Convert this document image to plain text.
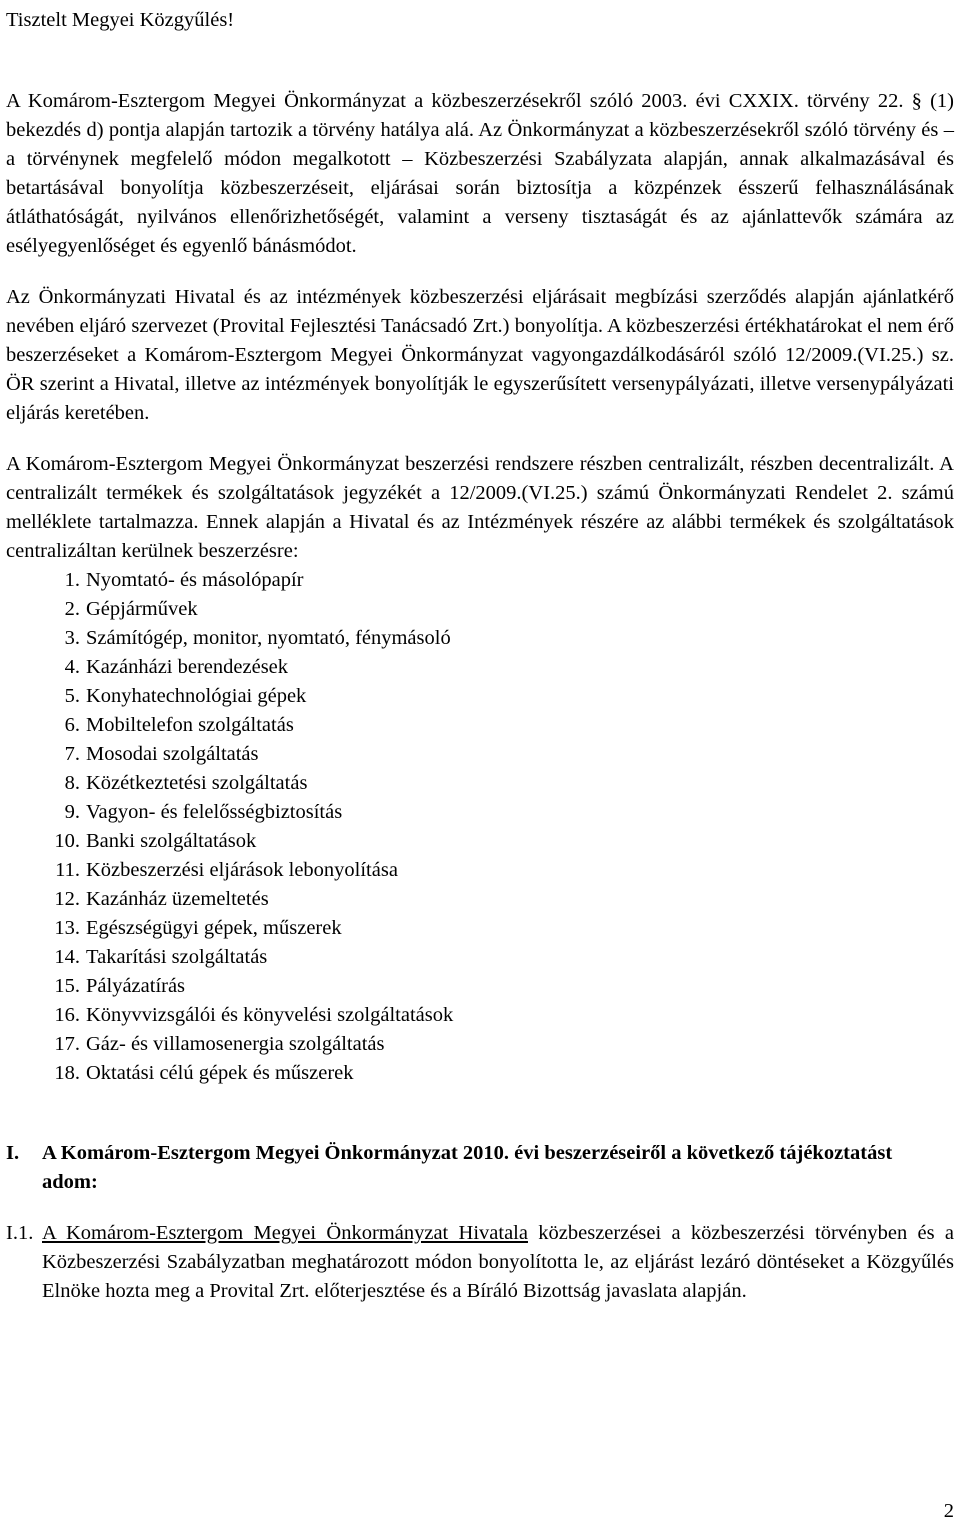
Tisztelt Megyei Közgyűlés!

A Komárom-Esztergom Megyei Önkormányzat a közbeszerzésekről szóló 2003. évi CXXIX. törvény 22. § (1) bekezdés d) pontja alapján tartozik a törvény hatálya alá. Az Önkormányzat a közbeszerzésekről szóló törvény és – a törvénynek megfelelő módon megalkotott – Közbeszerzési Szabályzata alapján, annak alkalmazásával és betartásával bonyolítja közbeszerzéseit, eljárásai során biztosítja a közpénzek ésszerű felhasználásának átláthatóságát, nyilvános ellenőrizhetőségét, valamint a verseny tisztaságát és az ajánlattevők számára az esélyegyenlőséget és egyenlő bánásmódot.

Az Önkormányzati Hivatal és az intézmények közbeszerzési eljárásait megbízási szerződés alapján ajánlatkérő nevében eljáró szervezet (Provital Fejlesztési Tanácsadó Zrt.) bonyolítja. A közbeszerzési értékhatárokat el nem érő beszerzéseket a Komárom-Esztergom Megyei Önkormányzat vagyongazdálkodásáról szóló 12/2009.(VI.25.) sz. ÖR szerint a Hivatal, illetve az intézmények bonyolítják le egyszerűsített versenypályázati, illetve versenypályázati eljárás keretében.

A Komárom-Esztergom Megyei Önkormányzat beszerzési rendszere részben centralizált, részben decentralizált. A centralizált termékek és szolgáltatások jegyzékét a 12/2009.(VI.25.) számú Önkormányzati Rendelet 2. számú melléklete tartalmazza. Ennek alapján a Hivatal és az Intézmények részére az alábbi termékek és szolgáltatások centralizáltan kerülnek beszerzésre:

1. Nyomtató- és másolópapír
2. Gépjárművek
3. Számítógép, monitor, nyomtató, fénymásoló
4. Kazánházi berendezések
5. Konyhatechnológiai gépek
6. Mobiltelefon szolgáltatás
7. Mosodai szolgáltatás
8. Közétkeztetési szolgáltatás
9. Vagyon- és felelősségbiztosítás
10. Banki szolgáltatások
11. Közbeszerzési eljárások lebonyolítása
12. Kazánház üzemeltetés
13. Egészségügyi gépek, műszerek
14. Takarítási szolgáltatás
15. Pályázatírás
16. Könyvvizsgálói és könyvelési szolgáltatások
17. Gáz- és villamosenergia szolgáltatás
18. Oktatási célú gépek és műszerek
I.	A Komárom-Esztergom Megyei Önkormányzat 2010. évi beszerzéseiről a következő tájékoztatást adom:
I.1. A Komárom-Esztergom Megyei Önkormányzat Hivatala közbeszerzései a közbeszerzési törvényben és a Közbeszerzési Szabályzatban meghatározott módon bonyolította le, az eljárást lezáró döntéseket a Közgyűlés Elnöke hozta meg a Provital Zrt. előterjesztése és a Bíráló Bizottság javaslata alapján.
2
